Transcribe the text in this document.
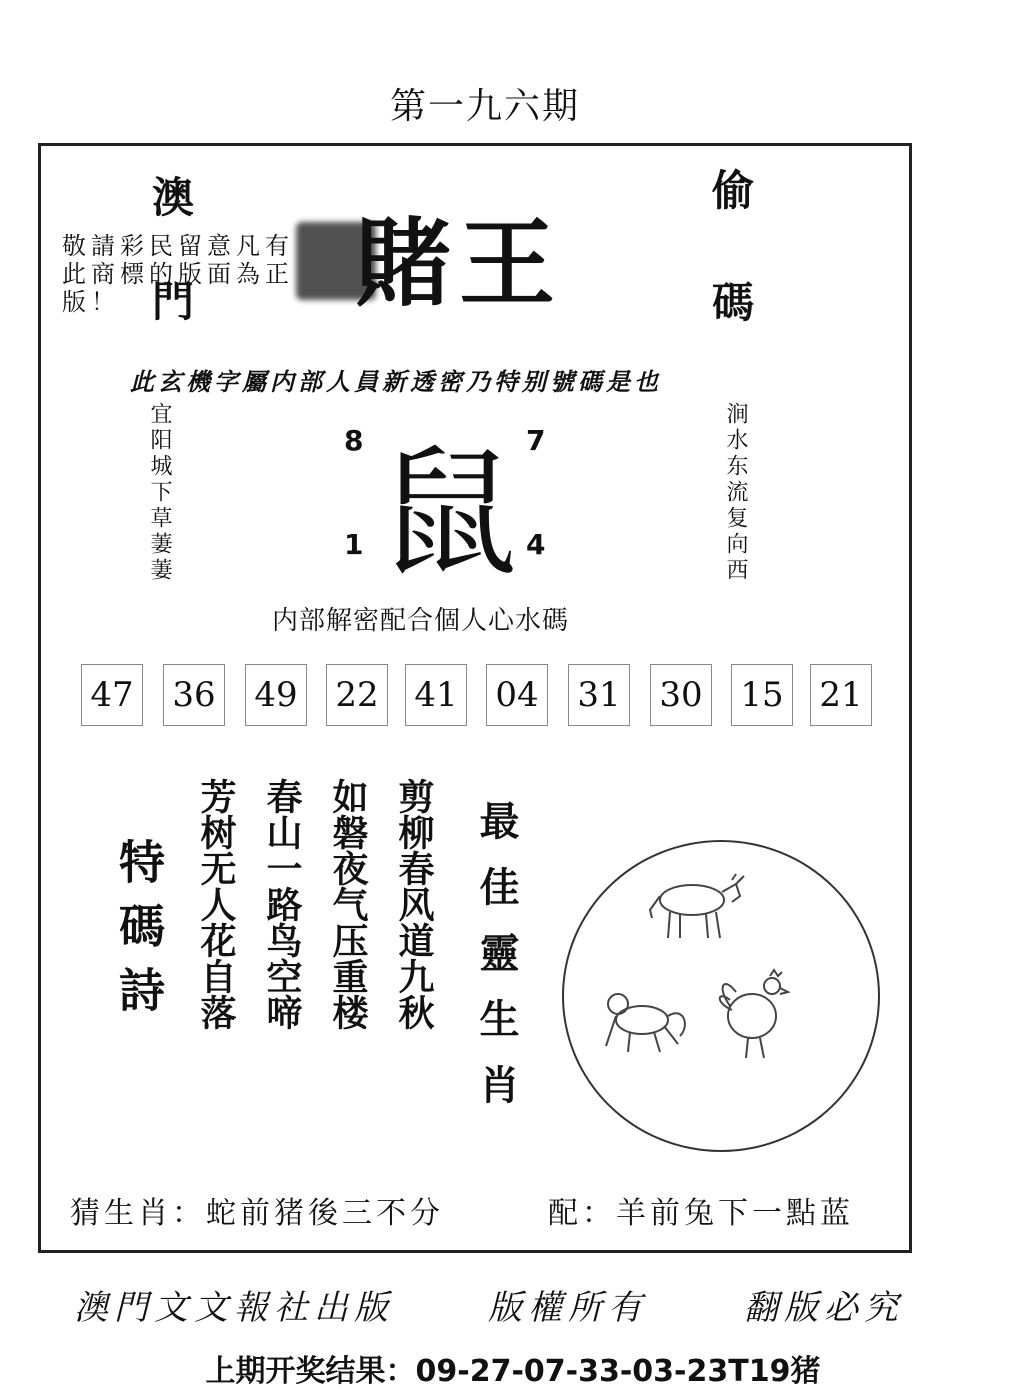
第一九六期
澳門	偷碼
敬請彩民留意凡有此商標的版面為正版！	賭王
此玄機字屬内部人員新透密乃特别號碼是也
宜阳城下草萋萋	涧水东流复向西
鼠
8	7
1	4
内部解密配合個人心水碼
47 36 49 22 41 04 31 30 15 21
特碼詩 芳树无人花自落 春山一路鸟空啼 如磐夜气压重楼 剪柳春风道九秋 最佳靈生肖
猜生肖：蛇前猪後三不分	配：羊前兔下一點蓝
澳門文文報社出版	版權所有	翻版必究
上期开奖结果：09-27-07-33-03-23T19猪
